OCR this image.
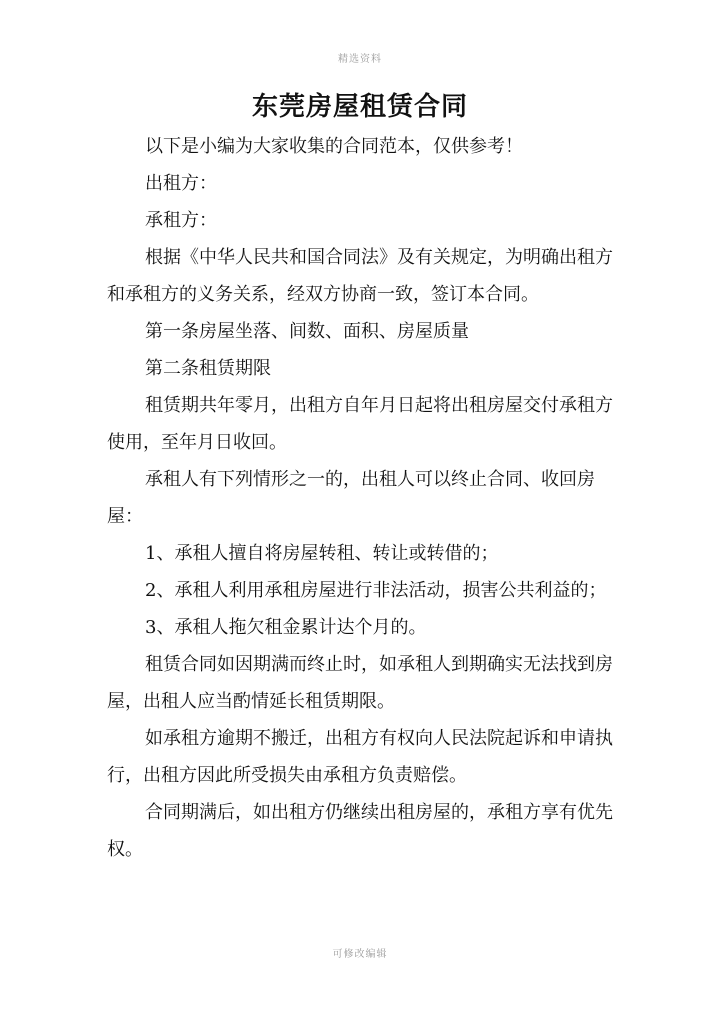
精选资料
东莞房屋租赁合同

以下是小编为大家收集的合同范本，仅供参考！

出租方：

承租方：

根据《中华人民共和国合同法》及有关规定，为明确出租方和承租方的义务关系，经双方协商一致，签订本合同。

第一条房屋坐落、间数、面积、房屋质量

第二条租赁期限

租赁期共年零月，出租方自年月日起将出租房屋交付承租方使用，至年月日收回。

承租人有下列情形之一的，出租人可以终止合同、收回房屋：

1、承租人擅自将房屋转租、转让或转借的；

2、承租人利用承租房屋进行非法活动，损害公共利益的；

3、承租人拖欠租金累计达个月的。

租赁合同如因期满而终止时，如承租人到期确实无法找到房屋，出租人应当酌情延长租赁期限。

如承租方逾期不搬迁，出租方有权向人民法院起诉和申请执行，出租方因此所受损失由承租方负责赔偿。

合同期满后，如出租方仍继续出租房屋的，承租方享有优先权。

可修改编辑
